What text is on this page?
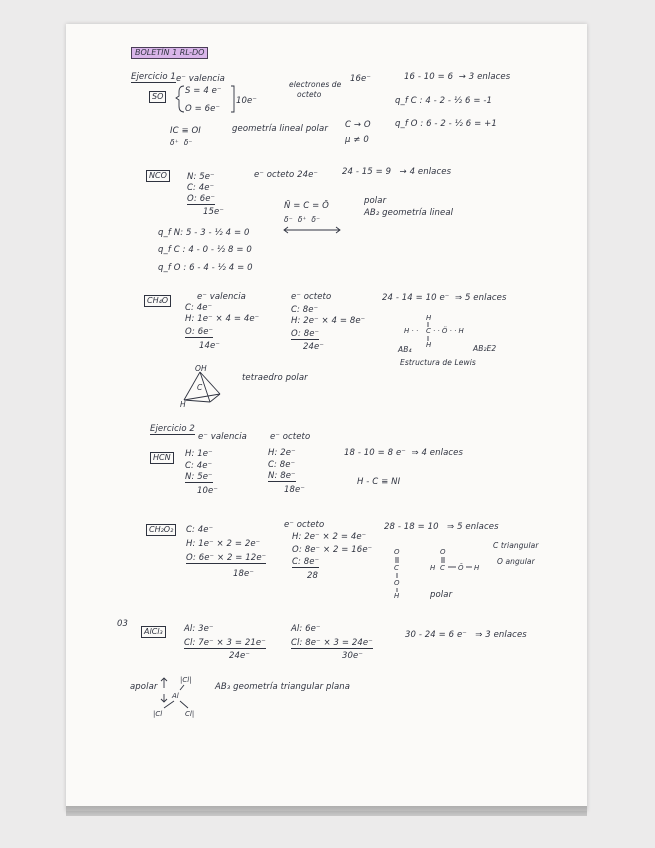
BOLETÍN 1 RL-DO
Ejercicio 1 e⁻ valencia
SO
S = 4 e⁻
O = 6e⁻
10e⁻
electrones de
octeto
16e⁻	16 - 10 = 6  → 3 enlaces
q_f C : 4 - 2 - ½ 6 = -1
q_f O : 6 - 2 - ½ 6 = +1
IC ≡ OI
δ⁺  δ⁻
geometría lineal polar C → O
μ ≠ 0
NCO	N: 5e⁻
C: 4e⁻
O: 6e⁻
15e⁻
e⁻ octeto 24e⁻	24 - 15 = 9   → 4 enlaces
N̄ = C = Ō
δ⁻  δ⁺  δ⁻
polar
AB₂ geometría lineal
q_f N: 5 - 3 - ½ 4 = 0
q_f C : 4 - 0 - ½ 8 = 0
q_f O : 6 - 4 - ½ 4 = 0
CH₄O	e⁻ valencia
C: 4e⁻
H: 1e⁻ × 4 = 4e⁻
O: 6e⁻
14e⁻
e⁻ octeto
C: 8e⁻
H: 2e⁻ × 4 = 8e⁻
O: 8e⁻
24e⁻
24 - 14 = 10 e⁻  ⇒ 5 enlaces
H
H · · C · · Ö · · H
H
AB₄	AB₂E2
Estructura de Lewis
OH
C
H
tetraedro polar
Ejercicio 2
e⁻ valencia
HCN	H: 1e⁻
C: 4e⁻
N: 5e⁻
10e⁻
e⁻ octeto
H: 2e⁻
C: 8e⁻
N: 8e⁻
18e⁻
18 - 10 = 8 e⁻  ⇒ 4 enlaces
H - C ≡ NI
CH₂O₂	C: 4e⁻
H: 1e⁻ × 2 = 2e⁻
O: 6e⁻ × 2 = 12e⁻
18e⁻
e⁻ octeto
H: 2e⁻ × 2 = 4e⁻
O: 8e⁻ × 2 = 16e⁻
C: 8e⁻
28
28 - 18 = 10   ⇒ 5 enlaces
C triangular
O angular
O
C
O
H
O
H C Ō H
polar
03
AlCl₃	Al: 3e⁻
Cl: 7e⁻ × 3 = 21e⁻
24e⁻
Al: 6e⁻
Cl: 8e⁻ × 3 = 24e⁻
30e⁻
30 - 24 = 6 e⁻   ⇒ 3 enlaces
apolar
|Cl|
Al
|Cl	Cl|
AB₃ geometría triangular plana
